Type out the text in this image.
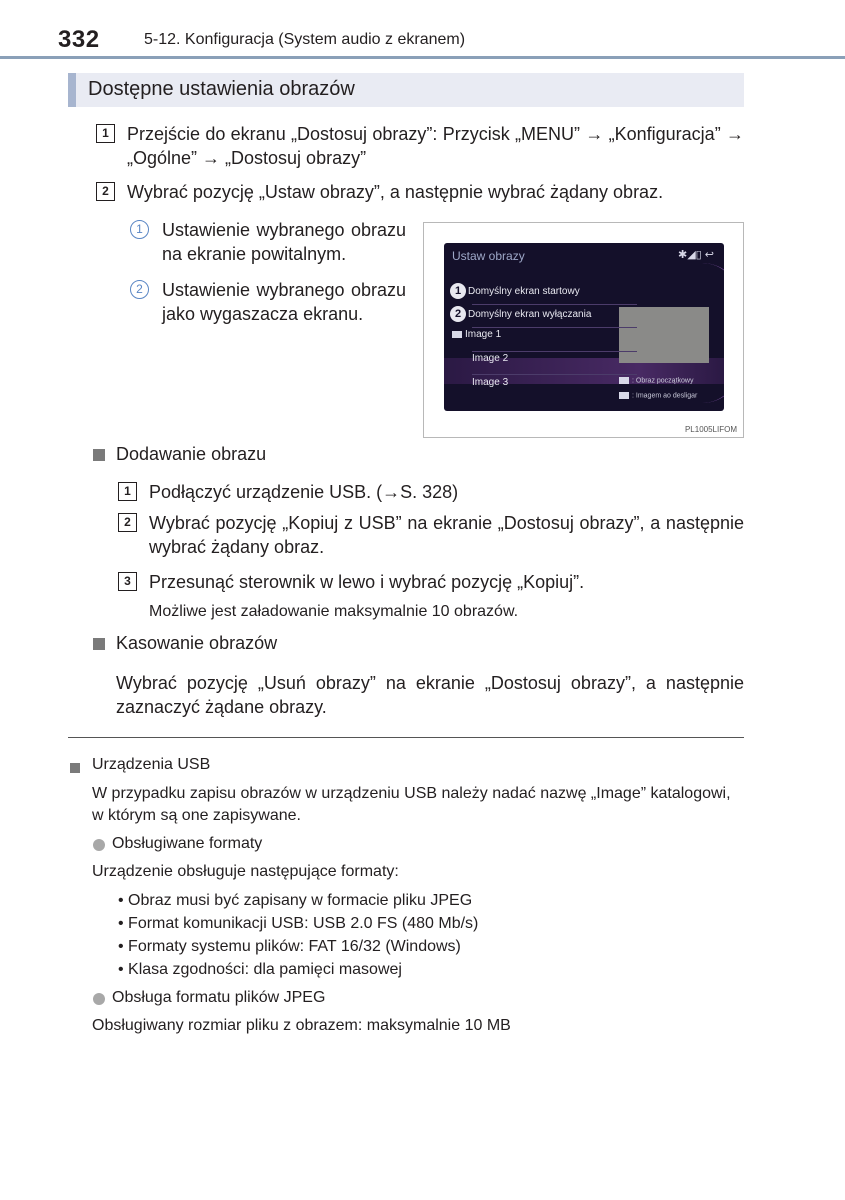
332	5-12. Konfiguracja (System audio z ekranem)
Dostępne ustawienia obrazów
1	Przejście do ekranu „Dostosuj obrazy”: Przycisk „MENU” → „Konfiguracja” → „Ogólne” → „Dostosuj obrazy”
2	Wybrać pozycję „Ustaw obrazy”, a następnie wybrać żądany obraz.
1	Ustawienie wybranego obrazu na ekranie powitalnym.
2	Ustawienie wybranego obrazu jako wygaszacza ekranu.
Ustaw obrazy	✱◢▯ ↩
1 Domyślny ekran startowy
2 Domyślny ekran wyłączania
Image 1
Image 2
Image 3	: Obraz początkowy
: Imagem ao desligar
PL1005LIFOM
Dodawanie obrazu
1	Podłączyć urządzenie USB. (→S. 328)
2	Wybrać pozycję „Kopiuj z USB” na ekranie „Dostosuj obrazy”, a następnie wybrać żądany obraz.
3	Przesunąć sterownik w lewo i wybrać pozycję „Kopiuj”.
Możliwe jest załadowanie maksymalnie 10 obrazów.
Kasowanie obrazów
Wybrać pozycję „Usuń obrazy” na ekranie „Dostosuj obrazy”, a następnie zaznaczyć żądane obrazy.
Urządzenia USB
W przypadku zapisu obrazów w urządzeniu USB należy nadać nazwę „Image” katalogowi, w którym są one zapisywane.
Obsługiwane formaty
Urządzenie obsługuje następujące formaty:
• Obraz musi być zapisany w formacie pliku JPEG
• Format komunikacji USB: USB 2.0 FS (480 Mb/s)
• Formaty systemu plików: FAT 16/32 (Windows)
• Klasa zgodności: dla pamięci masowej
Obsługa formatu plików JPEG
Obsługiwany rozmiar pliku z obrazem: maksymalnie 10 MB
